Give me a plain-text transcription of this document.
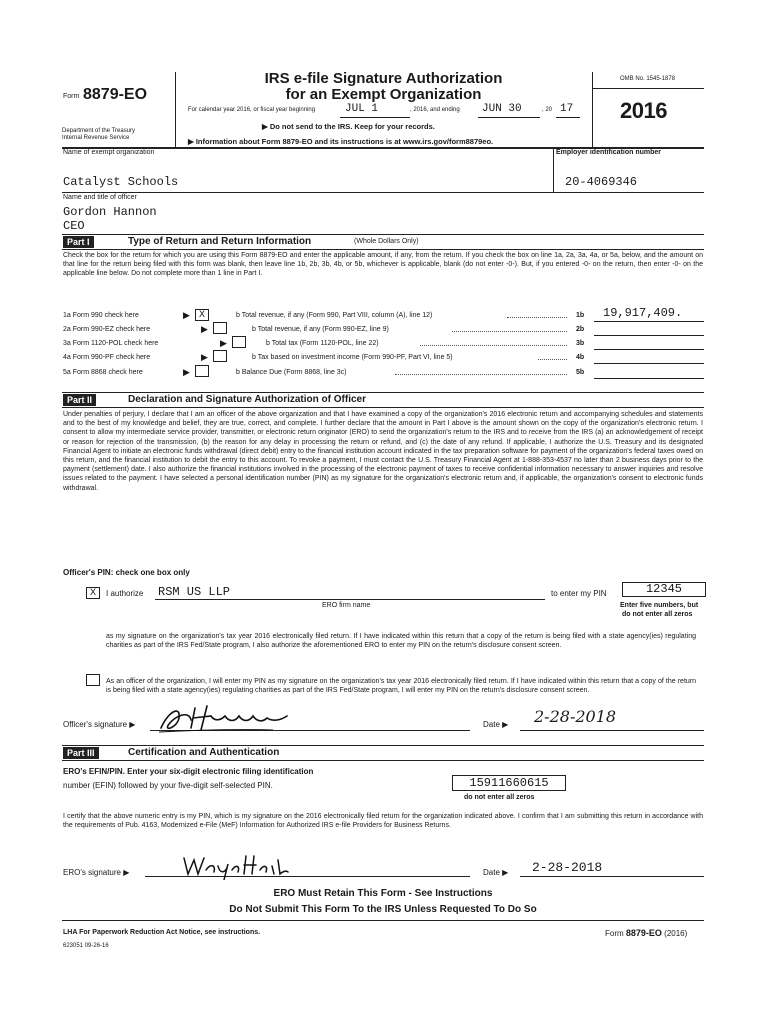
Form 8879-EO
Department of the Treasury
Internal Revenue Service
IRS e-file Signature Authorization
for an Exempt Organization
For calendar year 2016, or fiscal year beginning	JUL 1	, 2016, and ending JUN 30	, 20 17
▶ Do not send to the IRS. Keep for your records.
▶ Information about Form 8879-EO and its instructions is at www.irs.gov/form8879eo.
OMB No. 1545-1878
2016
Name of exempt organization
Catalyst Schools
Employer identification number
20-4069346
Name and title of officer
Gordon Hannon
CEO
Part I	Type of Return and Return Information	(Whole Dollars Only)
Check the box for the return for which you are using this Form 8879-EO and enter the applicable amount, if any, from the return. If you check the box on line 1a, 2a, 3a, 4a, or 5a, below, and the amount on that line for the return being filed with this form was blank, then leave line 1b, 2b, 3b, 4b, or 5b, whichever is applicable, blank (do not enter -0-). But, if you entered -0- on the return, then enter -0- on the applicable line below. Do not complete more than 1 line in Part I.
1a Form 990 check here	▶ X	b Total revenue, if any (Form 990, Part VIII, column (A), line 12)	1b 19,917,409.
2a Form 990-EZ check here	▶	b Total revenue, if any (Form 990-EZ, line 9)	2b
3a Form 1120-POL check here	▶	b Total tax (Form 1120-POL, line 22)	3b
4a Form 990-PF check here	▶	b Tax based on investment income (Form 990-PF, Part VI, line 5)	4b
5a Form 8868 check here	▶	b Balance Due (Form 8868, line 3c)	5b
Part II	Declaration and Signature Authorization of Officer
Under penalties of perjury, I declare that I am an officer of the above organization and that I have examined a copy of the organization's 2016 electronic return and accompanying schedules and statements and to the best of my knowledge and belief, they are true, correct, and complete. I further declare that the amount in Part I above is the amount shown on the copy of the organization's electronic return. I consent to allow my intermediate service provider, transmitter, or electronic return originator (ERO) to send the organization's return to the IRS and to receive from the IRS (a) an acknowledgement of receipt or reason for rejection of the transmission, (b) the reason for any delay in processing the return or refund, and (c) the date of any refund. If applicable, I authorize the U.S. Treasury and its designated Financial Agent to initiate an electronic funds withdrawal (direct debit) entry to the financial institution account indicated in the tax preparation software for payment of the organization's federal taxes owed on this return, and the financial institution to debit the entry to this account. To revoke a payment, I must contact the U.S. Treasury Financial Agent at 1-888-353-4537 no later than 2 business days prior to the payment (settlement) date. I also authorize the financial institutions involved in the processing of the electronic payment of taxes to receive confidential information necessary to answer inquiries and resolve issues related to the payment. I have selected a personal identification number (PIN) as my signature for the organization's electronic return and, if applicable, the organization's consent to electronic funds withdrawal.
Officer's PIN: check one box only
X	I authorize RSM US LLP
ERO firm name
to enter my PIN	12345
Enter five numbers, but
do not enter all zeros
as my signature on the organization's tax year 2016 electronically filed return. If I have indicated within this return that a copy of the return is being filed with a state agency(ies) regulating charities as part of the IRS Fed/State program, I also authorize the aforementioned ERO to enter my PIN on the return's disclosure consent screen.
As an officer of the organization, I will enter my PIN as my signature on the organization's tax year 2016 electronically filed return. If I have indicated within this return that a copy of the return is being filed with a state agency(ies) regulating charities as part of the IRS Fed/State program, I will enter my PIN on the return's disclosure consent screen.
Officer's signature ▶	Date ▶ 2-28-2018
Part III	Certification and Authentication
ERO's EFIN/PIN. Enter your six-digit electronic filing identification
number (EFIN) followed by your five-digit self-selected PIN.	15911660615
do not enter all zeros
I certify that the above numeric entry is my PIN, which is my signature on the 2016 electronically filed return for the organization indicated above. I confirm that I am submitting this return in accordance with the requirements of Pub. 4163, Modernized e-File (MeF) Information for Authorized IRS e-file Providers for Business Returns.
ERO's signature ▶	Date ▶ 2-28-2018
ERO Must Retain This Form - See Instructions
Do Not Submit This Form To the IRS Unless Requested To Do So
LHA For Paperwork Reduction Act Notice, see instructions.
623051 09-26-16
Form 8879-EO (2016)
